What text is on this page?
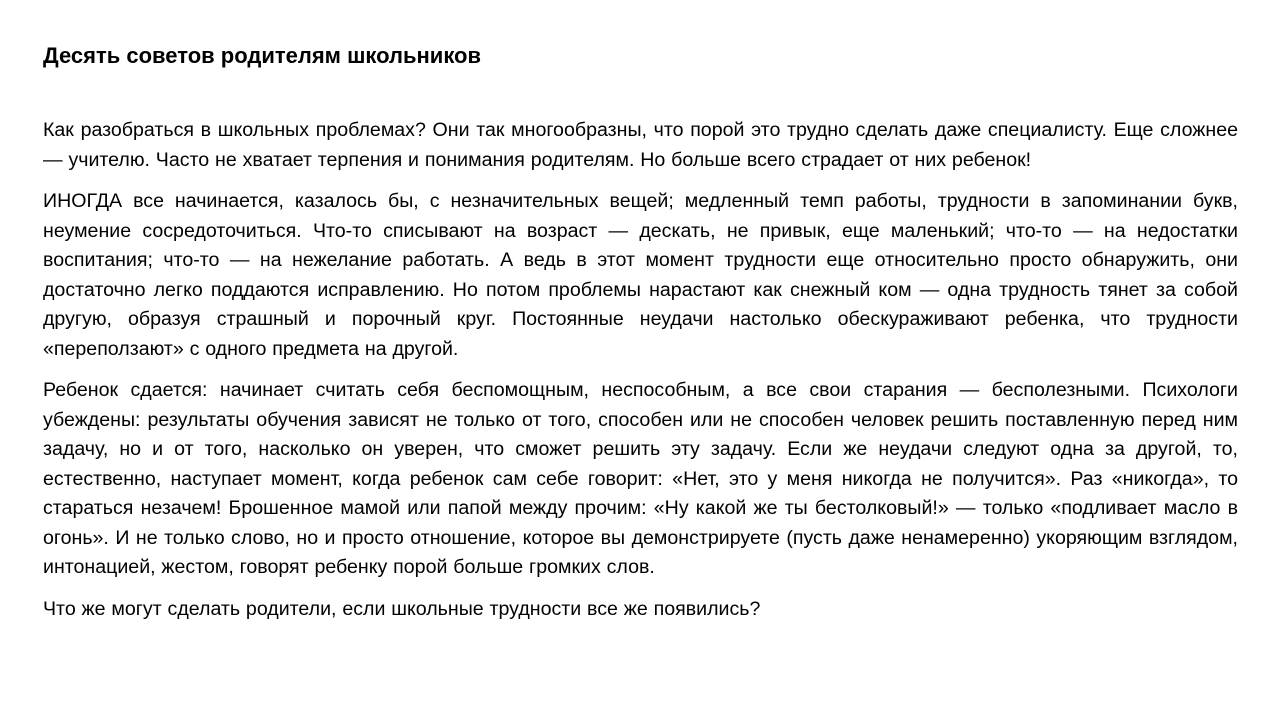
Десять советов родителям школьников

Как разобраться в школьных проблемах? Они так многообразны, что порой это трудно сделать даже специалисту. Еще сложнее — учителю. Часто не хватает терпения и понимания родителям. Но больше всего страдает от них ребенок!

ИНОГДА все начинается, казалось бы, с незначительных вещей; медленный темп работы, трудности в запоминании букв, неумение сосредоточиться. Что-то списывают на возраст — дескать, не привык, еще маленький; что-то — на недостатки воспитания; что-то — на нежелание работать. А ведь в этот момент трудности еще относительно просто обнаружить, они достаточно легко поддаются исправлению. Но потом проблемы нарастают как снежный ком — одна трудность тянет за собой другую, образуя страшный и порочный круг. Постоянные неудачи настолько обескураживают ребенка, что трудности «переползают» с одного предмета на другой.

Ребенок сдается: начинает считать себя беспомощным, неспособным, а все свои старания — бесполезными. Психологи убеждены: результаты обучения зависят не только от того, способен или не способен человек решить поставленную перед ним задачу, но и от того, насколько он уверен, что сможет решить эту задачу. Если же неудачи следуют одна за другой, то, естественно, наступает момент, когда ребенок сам себе говорит: «Нет, это у меня никогда не получится». Раз «никогда», то стараться незачем! Брошенное мамой или папой между прочим: «Ну какой же ты бестолковый!» — только «подливает масло в огонь». И не только слово, но и просто отношение, которое вы демонстрируете (пусть даже ненамеренно) укоряющим взглядом, интонацией, жестом, говорят ребенку порой больше громких слов.

Что же могут сделать родители, если школьные трудности все же появились?
